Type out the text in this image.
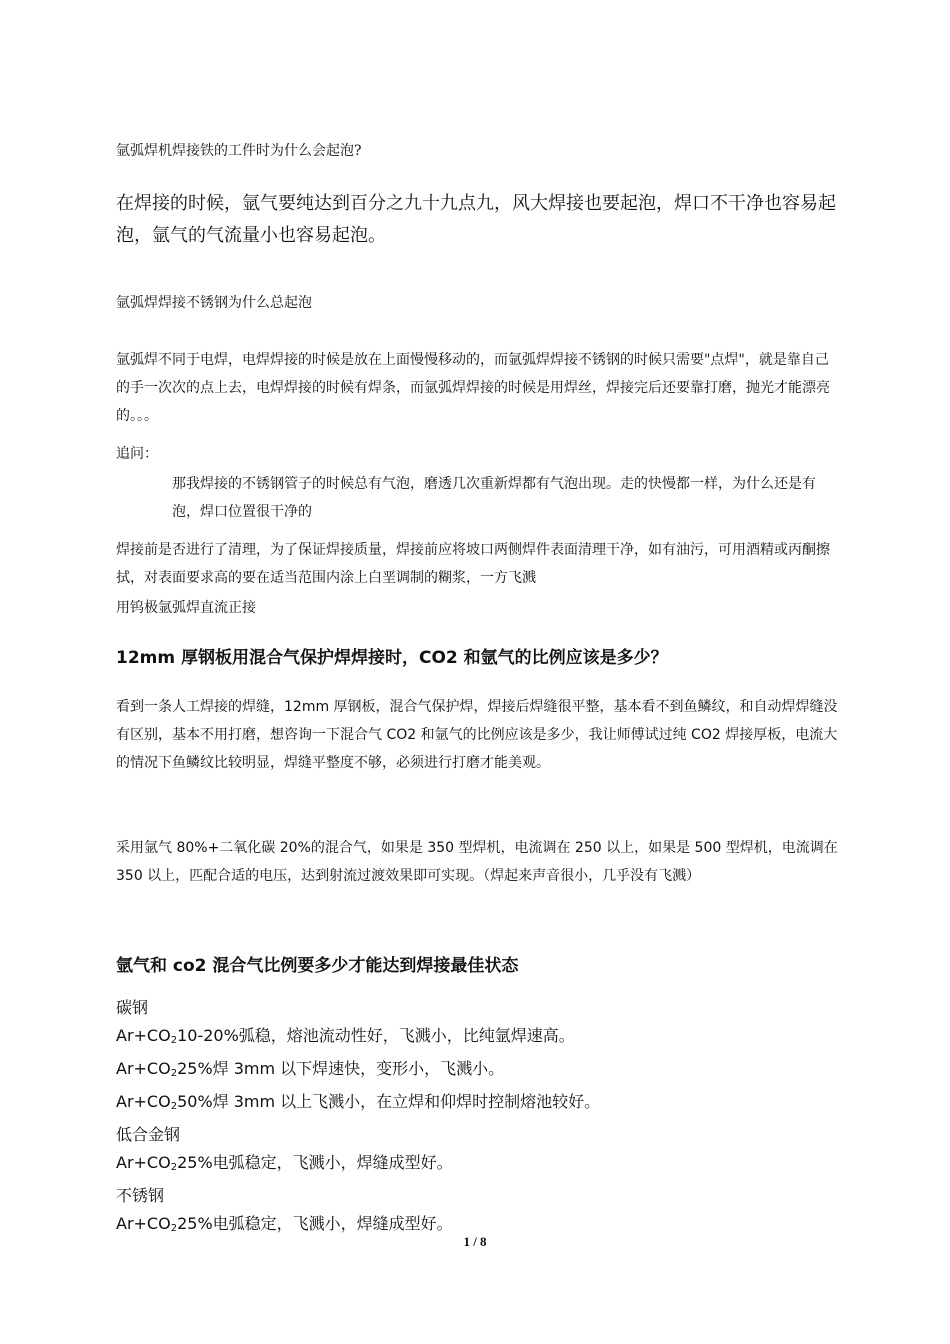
氩弧焊机焊接铁的工件时为什么会起泡?

在焊接的时候，氩气要纯达到百分之九十九点九，风大焊接也要起泡，焊口不干净也容易起泡，氩气的气流量小也容易起泡。

氩弧焊焊接不锈钢为什么总起泡

氩弧焊不同于电焊，电焊焊接的时候是放在上面慢慢移动的，而氩弧焊焊接不锈钢的时候只需要"点焊"，就是靠自己的手一次次的点上去，电焊焊接的时候有焊条，而氩弧焊焊接的时候是用焊丝，焊接完后还要靠打磨，抛光才能漂亮的。。。

追问：

那我焊接的不锈钢管子的时候总有气泡，磨透几次重新焊都有气泡出现。走的快慢都一样，为什么还是有泡，焊口位置很干净的

焊接前是否进行了清理，为了保证焊接质量，焊接前应将坡口两侧焊件表面清理干净，如有油污，可用酒精或丙酮擦拭，对表面要求高的要在适当范围内涂上白垩调制的糊浆，一方飞溅

用钨极氩弧焊直流正接

12mm 厚钢板用混合气保护焊焊接时，CO2 和氩气的比例应该是多少？

看到一条人工焊接的焊缝，12mm 厚钢板，混合气保护焊，焊接后焊缝很平整，基本看不到鱼鳞纹，和自动焊焊缝没有区别，基本不用打磨，想咨询一下混合气 CO2 和氩气的比例应该是多少，我让师傅试过纯 CO2 焊接厚板，电流大的情况下鱼鳞纹比较明显，焊缝平整度不够，必须进行打磨才能美观。

采用氩气 80%+二氧化碳 20%的混合气，如果是 350 型焊机，电流调在 250 以上，如果是 500 型焊机，电流调在 350 以上，匹配合适的电压，达到射流过渡效果即可实现。（焊起来声音很小，几乎没有飞溅）

氩气和 co2 混合气比例要多少才能达到焊接最佳状态
碳钢
$Ar+CO_210-20\%$弧稳，熔池流动性好，飞溅小，比纯氩焊速高。
$Ar+CO_225\%$焊 3mm 以下焊速快，变形小，飞溅小。
$Ar+CO_250\%$焊 3mm 以上飞溅小，在立焊和仰焊时控制熔池较好。
低合金钢
$Ar+CO_225\%$电弧稳定，飞溅小，焊缝成型好。
不锈钢
$Ar+CO_225\%$电弧稳定，飞溅小，焊缝成型好。
1 / 8
